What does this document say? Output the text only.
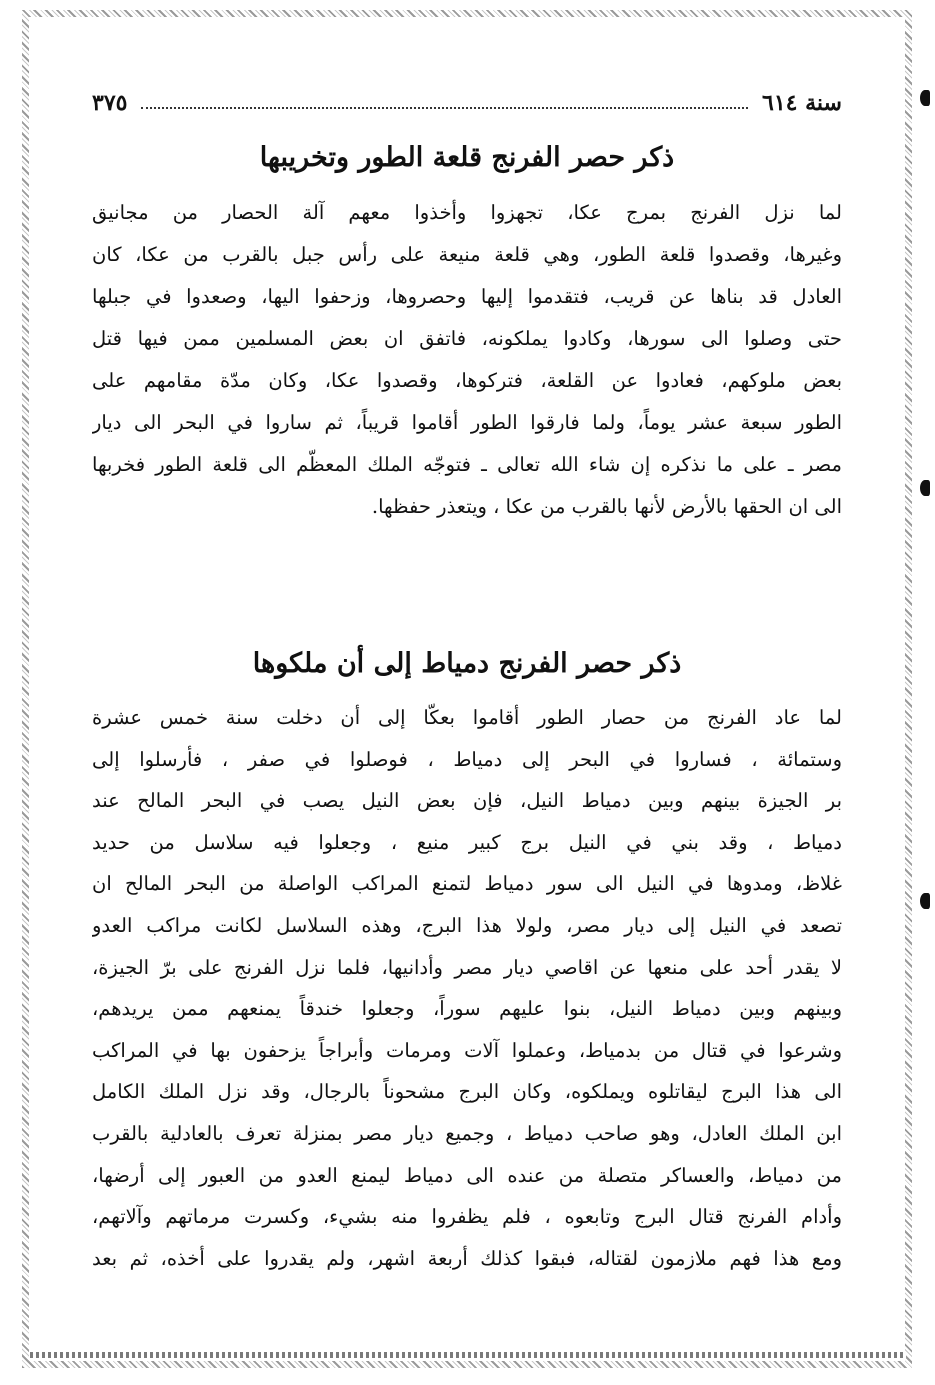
سنة ٦١٤
٣٧٥
ذكر حصر الفرنج قلعة الطور وتخريبها
لما نزل الفرنج بمرج عكا، تجهزوا وأخذوا معهم آلة الحصار من مجانيق
وغيرها، وقصدوا قلعة الطور، وهي قلعة منيعة على رأس جبل بالقرب من عكا، كان
العادل قد بناها عن قريب، فتقدموا إليها وحصروها، وزحفوا اليها، وصعدوا في جبلها
حتى وصلوا الى سورها، وكادوا يملكونه، فاتفق ان بعض المسلمين ممن فيها قتل
بعض ملوكهم، فعادوا عن القلعة، فتركوها، وقصدوا عكا، وكان مدّة مقامهم على
الطور سبعة عشر يوماً، ولما فارقوا الطور أقاموا قريباً، ثم ساروا في البحر الى ديار
مصر ـ على ما نذكره إن شاء الله تعالى ـ فتوجّه الملك المعظّم الى قلعة الطور فخربها
الى ان الحقها بالأرض لأنها بالقرب من عكا ، ويتعذر حفظها.
ذكر حصر الفرنج دمياط إلى أن ملكوها
لما عاد الفرنج من حصار الطور أقاموا بعكّا إلى أن دخلت سنة خمس عشرة
وستمائة ، فساروا في البحر إلى دمياط ، فوصلوا في صفر ، فأرسلوا إلى
بر الجيزة بينهم وبين دمياط النيل، فإن بعض النيل يصب في البحر المالح عند
دمياط ، وقد بني في النيل برج كبير منيع ، وجعلوا فيه سلاسل من حديد
غلاظ، ومدوها في النيل الى سور دمياط لتمنع المراكب الواصلة من البحر المالح ان
تصعد في النيل إلى ديار مصر، ولولا هذا البرج، وهذه السلاسل لكانت مراكب العدو
لا يقدر أحد على منعها عن اقاصي ديار مصر وأدانيها، فلما نزل الفرنج على برّ الجيزة،
وبينهم وبين دمياط النيل، بنوا عليهم سوراً، وجعلوا خندقاً يمنعهم ممن يريدهم،
وشرعوا في قتال من بدمياط، وعملوا آلات ومرمات وأبراجاً يزحفون بها في المراكب
الى هذا البرج ليقاتلوه ويملكوه، وكان البرج مشحوناً بالرجال، وقد نزل الملك الكامل
ابن الملك العادل، وهو صاحب دمياط ، وجميع ديار مصر بمنزلة تعرف بالعادلية بالقرب
من دمياط، والعساكر متصلة من عنده الى دمياط ليمنع العدو من العبور إلى أرضها،
وأدام الفرنج قتال البرج وتابعوه ، فلم يظفروا منه بشيء، وكسرت مرماتهم وآلاتهم،
ومع هذا فهم ملازمون لقتاله، فبقوا كذلك أربعة اشهر، ولم يقدروا على أخذه، ثم بعد
